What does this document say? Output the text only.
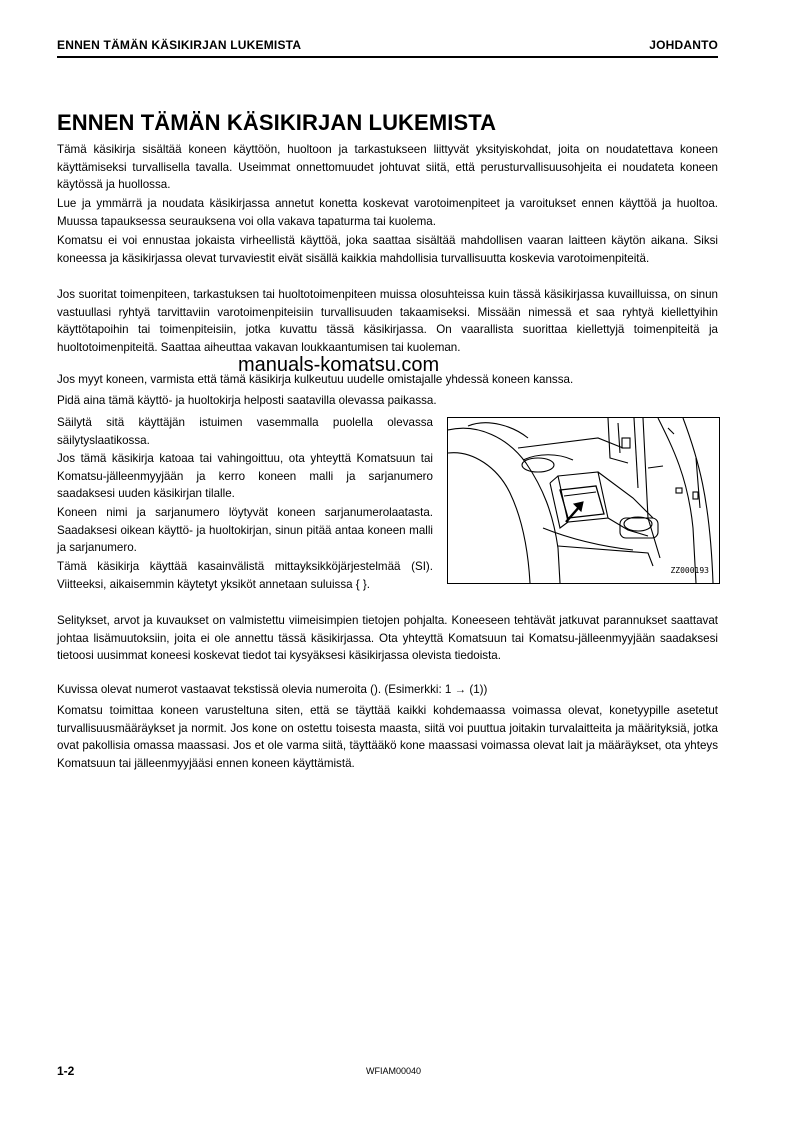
ENNEN TÄMÄN KÄSIKIRJAN LUKEMISTA	JOHDANTO
ENNEN TÄMÄN KÄSIKIRJAN LUKEMISTA

Tämä käsikirja sisältää koneen käyttöön, huoltoon ja tarkastukseen liittyvät yksityiskohdat, joita on noudatettava koneen käyttämiseksi turvallisella tavalla. Useimmat onnettomuudet johtuvat siitä, että perusturvallisuusohjeita ei noudateta koneen käytössä ja huollossa.

Lue ja ymmärrä ja noudata käsikirjassa annetut konetta koskevat varotoimenpiteet ja varoitukset ennen käyttöä ja huoltoa. Muussa tapauksessa seurauksena voi olla vakava tapaturma tai kuolema.

Komatsu ei voi ennustaa jokaista virheellistä käyttöä, joka saattaa sisältää mahdollisen vaaran laitteen käytön aikana. Siksi koneessa ja käsikirjassa olevat turvaviestit eivät sisällä kaikkia mahdollisia turvallisuutta koskevia varotoimenpiteitä.

Jos suoritat toimenpiteen, tarkastuksen tai huoltotoimenpiteen muissa olosuhteissa kuin tässä käsikirjassa kuvailluissa, on sinun vastuullasi ryhtyä tarvittaviin varotoimenpiteisiin turvallisuuden takaamiseksi. Missään nimessä et saa ryhtyä kiellettyihin käyttötapoihin tai toimenpiteisiin, jotka kuvattu tässä käsikirjassa. On vaarallista suorittaa kiellettyjä toimenpiteitä ja huoltotoimenpiteitä. Saattaa aiheuttaa vakavan loukkaantumisen tai kuoleman.

Jos myyt koneen, varmista että tämä käsikirja kulkeutuu uudelle omistajalle yhdessä koneen kanssa.

Pidä aina tämä käyttö- ja huoltokirja helposti saatavilla olevassa paikassa.

Säilytä sitä käyttäjän istuimen vasemmalla puolella olevassa säilytyslaatikossa.

Jos tämä käsikirja katoaa tai vahingoittuu, ota yhteyttä Komatsuun tai Komatsu-jälleenmyyjään ja kerro koneen malli ja sarjanumero saadaksesi uuden käsikirjan tilalle.

Koneen nimi ja sarjanumero löytyvät koneen sarjanumerolaatasta. Saadaksesi oikean käyttö- ja huoltokirjan, sinun pitää antaa koneen malli ja sarjanumero.

Tämä käsikirja käyttää kasainvälistä mittayksikköjärjestelmää (SI). Viitteeksi, aikaisemmin käytetyt yksiköt annetaan suluissa { }.

Selitykset, arvot ja kuvaukset on valmistettu viimeisimpien tietojen pohjalta. Koneeseen tehtävät jatkuvat parannukset saattavat johtaa lisämuutoksiin, joita ei ole annettu tässä käsikirjassa. Ota yhteyttä Komatsuun tai Komatsu-jälleenmyyjään saadaksesi tietoosi uusimmat koneesi koskevat tiedot tai kysyäksesi käsikirjassa olevista tiedoista.

Kuvissa olevat numerot vastaavat tekstissä olevia numeroita (). (Esimerkki: 1 → (1))

Komatsu toimittaa koneen varusteltuna siten, että se täyttää kaikki kohdemaassa voimassa olevat, konetyypille asetetut turvallisuusmääräykset ja normit. Jos kone on ostettu toisesta maasta, siitä voi puuttua joitakin turvalaitteita ja määrityksiä, jotka ovat pakollisia omassa maassasi. Jos et ole varma siitä, täyttääkö kone maassasi voimassa olevat lait ja määräykset, ota yhteys Komatsuun tai jälleenmyyjääsi ennen koneen käyttämistä.

manuals-komatsu.com
ZZ000193
1-2	WFIAM00040
